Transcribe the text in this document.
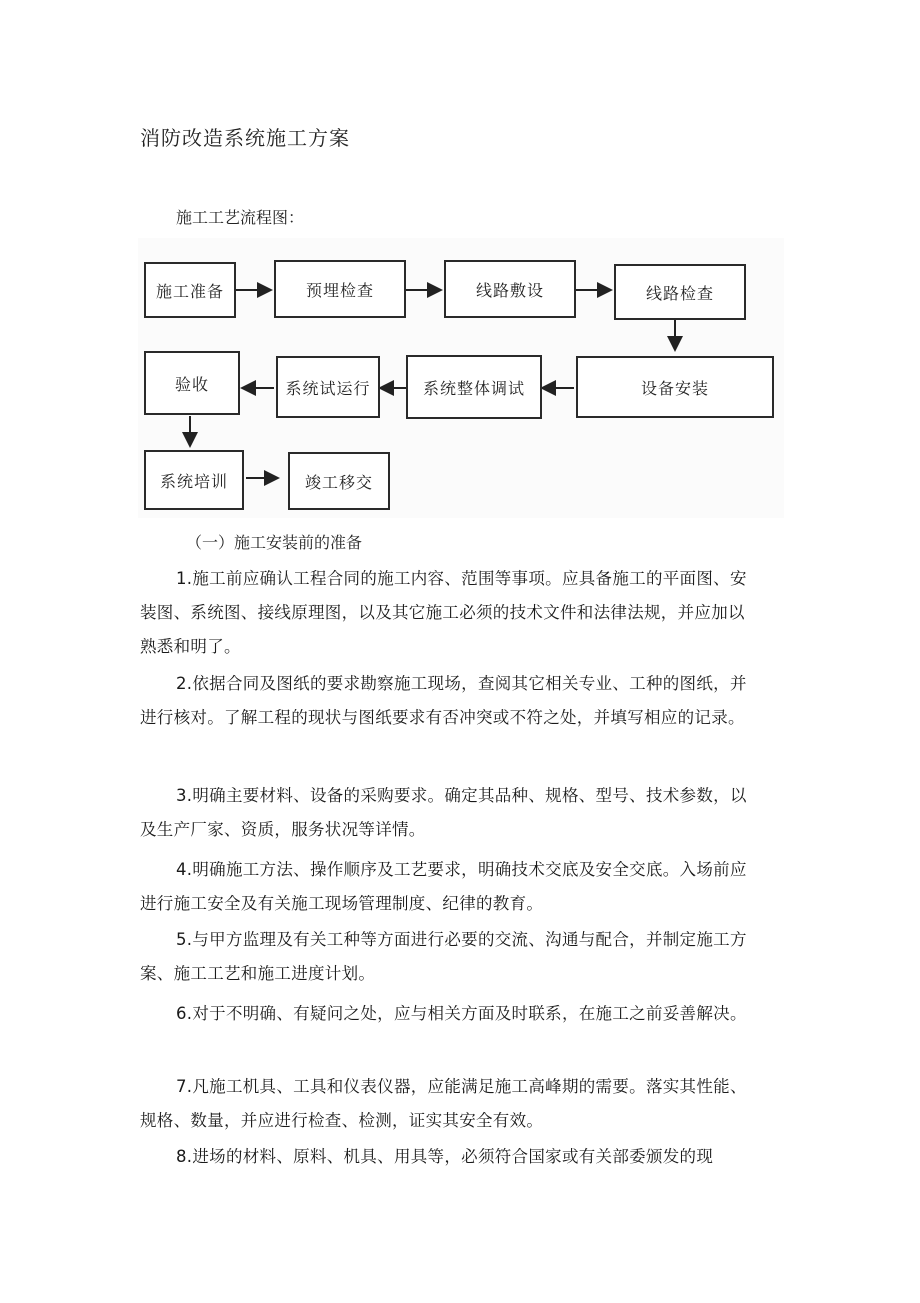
消防改造系统施工方案
施工工艺流程图：
施工准备	预埋检查	线路敷设	线路检查
设备安装
系统整体调试
系统试运行
验收
系统培训	竣工移交
（一）施工安装前的准备

1.施工前应确认工程合同的施工内容、范围等事项。应具备施工的平面图、安装图、系统图、接线原理图，以及其它施工必须的技术文件和法律法规，并应加以熟悉和明了。

2.依据合同及图纸的要求勘察施工现场，查阅其它相关专业、工种的图纸，并进行核对。了解工程的现状与图纸要求有否冲突或不符之处，并填写相应的记录。

3.明确主要材料、设备的采购要求。确定其品种、规格、型号、技术参数，以及生产厂家、资质，服务状况等详情。

4.明确施工方法、操作顺序及工艺要求，明确技术交底及安全交底。入场前应进行施工安全及有关施工现场管理制度、纪律的教育。

5.与甲方监理及有关工种等方面进行必要的交流、沟通与配合，并制定施工方案、施工工艺和施工进度计划。

6.对于不明确、有疑问之处，应与相关方面及时联系，在施工之前妥善解决。

7.凡施工机具、工具和仪表仪器，应能满足施工高峰期的需要。落实其性能、规格、数量，并应进行检查、检测，证实其安全有效。

8.进场的材料、原料、机具、用具等，必须符合国家或有关部委颁发的现
